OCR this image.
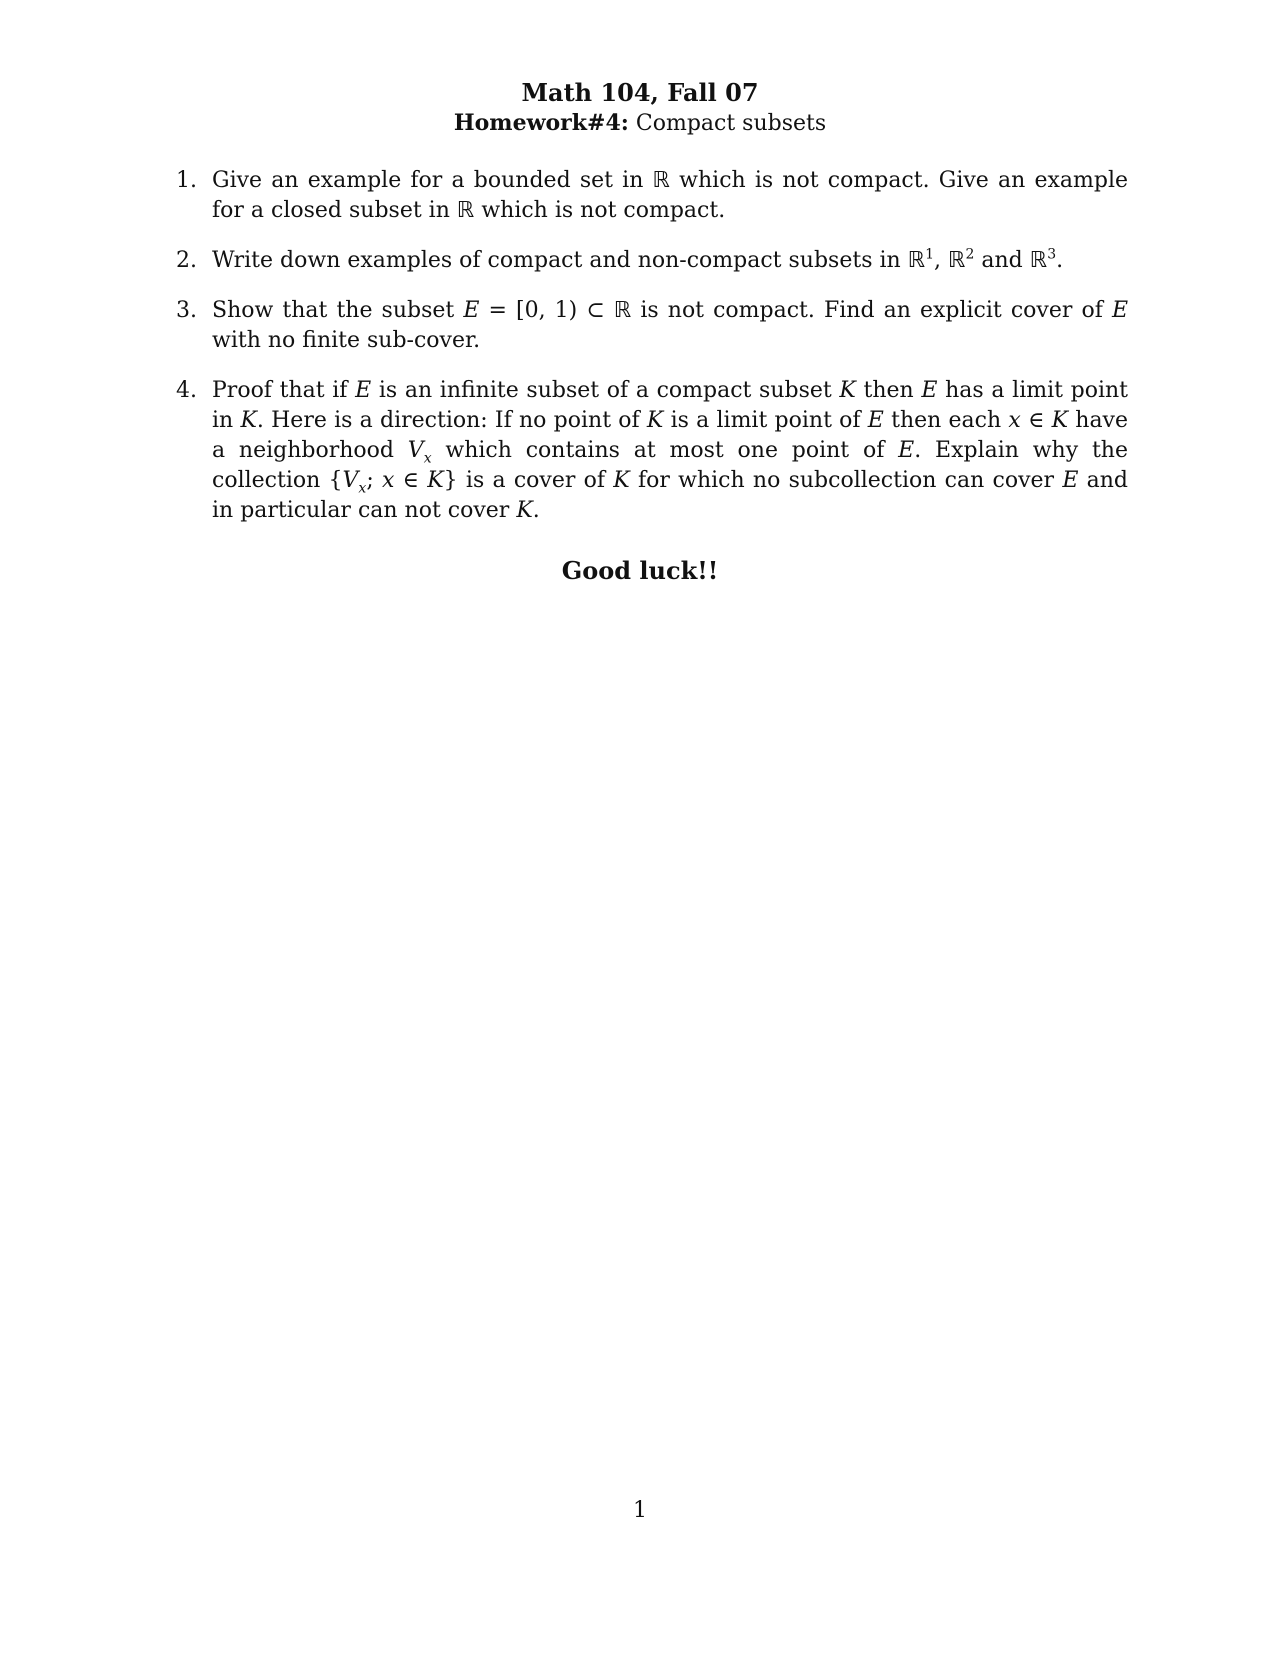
Math 104, Fall 07

Homework#4: Compact subsets

1. Give an example for a bounded set in ℝ which is not compact. Give an example for a closed subset in ℝ which is not compact.
2. Write down examples of compact and non-compact subsets in ℝ$^1$, ℝ$^2$ and ℝ$^3$.
3. Show that the subset E = [0, 1) ⊂ ℝ is not compact. Find an explicit cover of E with no finite sub-cover.
4. Proof that if E is an infinite subset of a compact subset K then E has a limit point in K. Here is a direction: If no point of K is a limit point of E then each x ∈ K have a neighborhood $V_x$ which contains at most one point of E. Explain why the collection {$V_x$; x ∈ K} is a cover of K for which no subcollection can cover E and in particular can not cover K.
Good luck!!
1
